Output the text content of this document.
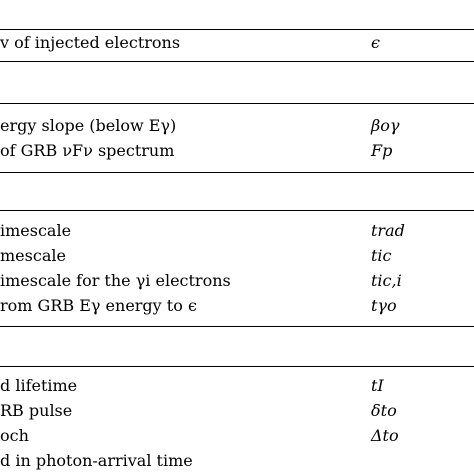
v of injected electrons	ϵ
ergy slope (below Eγ)	βoγ
of GRB νFν spectrum	Fp
imescale	trad
mescale	tic
imescale for the γi electrons	tic,i
rom GRB Eγ energy to ϵ	tγo
d lifetime	tI
RB pulse	δto
och	Δto
d in photon-arrival time
